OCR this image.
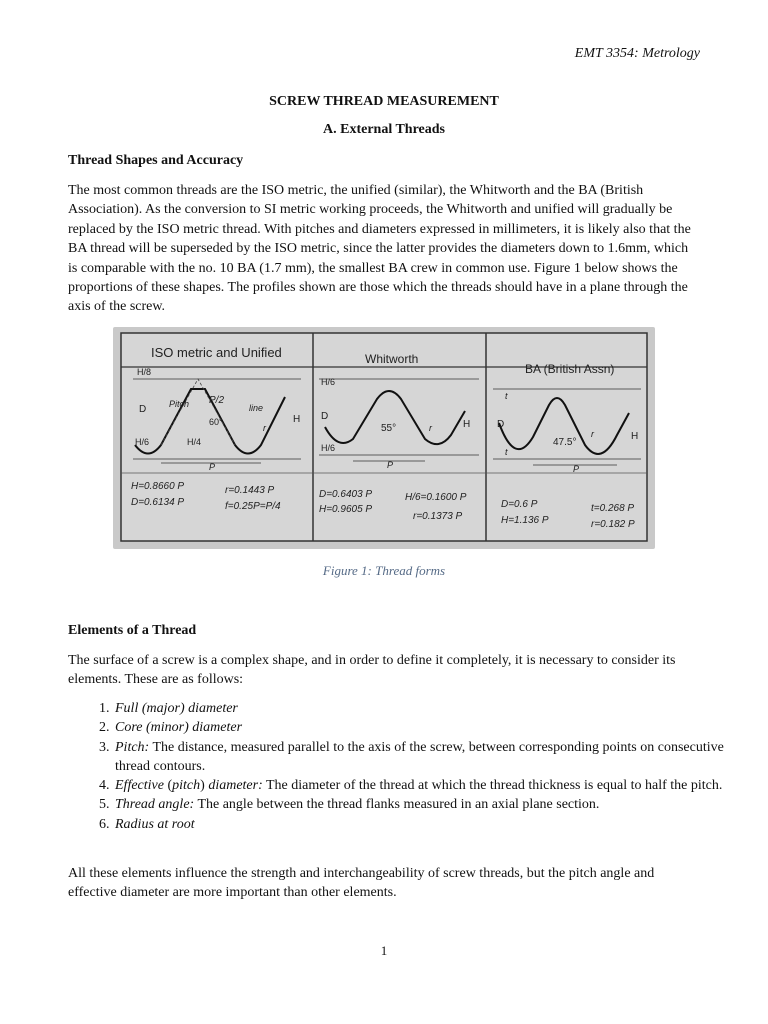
EMT 3354: Metrology
SCREW THREAD MEASUREMENT
A. External Threads
Thread Shapes and Accuracy
The most common threads are the ISO metric, the unified (similar), the Whitworth and the BA (British Association). As the conversion to SI metric working proceeds, the Whitworth and unified will gradually be replaced by the ISO metric thread. With pitches and diameters expressed in millimeters, it is likely also that the BA thread will be superseded by the ISO metric, since the latter provides the diameters down to 1.6mm, which is comparable with the no. 10 BA (1.7 mm), the smallest BA crew in common use. Figure 1 below shows the proportions of these shapes. The profiles shown are those which the threads should have in a plane through the axis of the screw.
ISO metric and Unified
H/8
Pitch P/2
line
60°
D
H
H/6	H/4
r
P
H=0.8660 P
D=0.6134 P
r=0.1443 P
f=0.25P=P/4
Whitworth
H/6
D
55°	H
H/6
r
P
D=0.6403 P
H=0.9605 P
H/6=0.1600 P
r=0.1373 P
BA (British Assn)
t
D
47.5°
H
t
r
P
D=0.6 P
H=1.136 P
t=0.268 P
r=0.182 P
Figure 1: Thread forms
Elements of a Thread
The surface of a screw is a complex shape, and in order to define it completely, it is necessary to consider its elements. These are as follows:
1. Full (major) diameter
2. Core (minor) diameter
3. Pitch: The distance, measured parallel to the axis of the screw, between corresponding points on consecutive thread contours.
4. Effective (pitch) diameter: The diameter of the thread at which the thread thickness is equal to half the pitch.
5. Thread angle: The angle between the thread flanks measured in an axial plane section.
6. Radius at root
All these elements influence the strength and interchangeability of screw threads, but the pitch angle and effective diameter are more important than other elements.
1
